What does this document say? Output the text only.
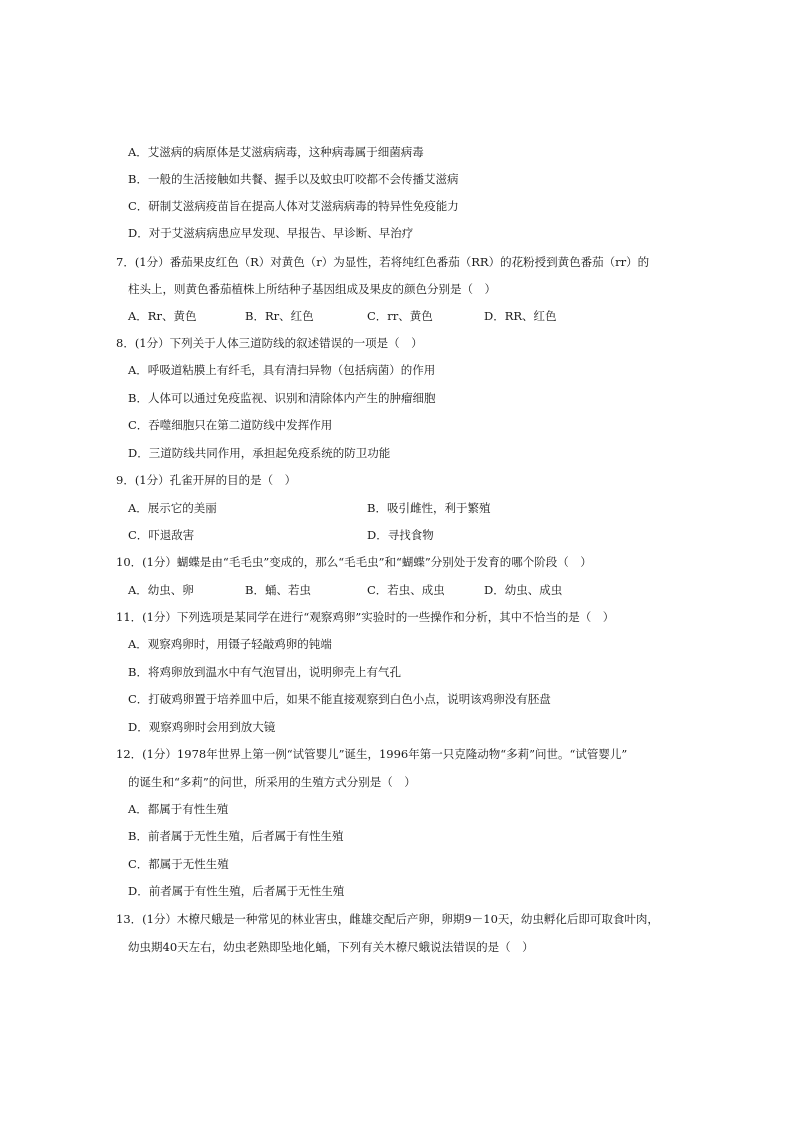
A．艾滋病的病原体是艾滋病病毒，这种病毒属于细菌病毒
B．一般的生活接触如共餐、握手以及蚊虫叮咬都不会传播艾滋病
C．研制艾滋病疫苗旨在提高人体对艾滋病病毒的特异性免疫能力
D．对于艾滋病病患应早发现、早报告、早诊断、早治疗
7．(1分）番茄果皮红色（R）对黄色（r）为显性，若将纯红色番茄（RR）的花粉授到黄色番茄（rr）的
柱头上，则黄色番茄植株上所结种子基因组成及果皮的颜色分别是（　）
A．Rr、黄色	B．Rr、红色	C．rr、黄色	D．RR、红色
8．(1分）下列关于人体三道防线的叙述错误的一项是（　）
A．呼吸道粘膜上有纤毛，具有清扫异物（包括病菌）的作用
B．人体可以通过免疫监视、识别和清除体内产生的肿瘤细胞
C．吞噬细胞只在第二道防线中发挥作用
D．三道防线共同作用，承担起免疫系统的防卫功能
9．(1分）孔雀开屏的目的是（　）
A．展示它的美丽	B．吸引雌性，利于繁殖
C．吓退敌害	D．寻找食物
10．(1分）蝴蝶是由“毛毛虫”变成的，那么“毛毛虫”和“蝴蝶”分别处于发育的哪个阶段（　）
A．幼虫、卵	B．蛹、若虫	C．若虫、成虫	D．幼虫、成虫
11．(1分）下列选项是某同学在进行“观察鸡卵”实验时的一些操作和分析，其中不恰当的是（　）
A．观察鸡卵时，用镊子轻敲鸡卵的钝端
B．将鸡卵放到温水中有气泡冒出，说明卵壳上有气孔
C．打破鸡卵置于培养皿中后，如果不能直接观察到白色小点，说明该鸡卵没有胚盘
D．观察鸡卵时会用到放大镜
12．(1分）1978年世界上第一例“试管婴儿”诞生，1996年第一只克隆动物“多莉”问世。“试管婴儿”
的诞生和“多莉”的问世，所采用的生殖方式分别是（　）
A．都属于有性生殖
B．前者属于无性生殖，后者属于有性生殖
C．都属于无性生殖
D．前者属于有性生殖，后者属于无性生殖
13．(1分）木橑尺蛾是一种常见的林业害虫，雌雄交配后产卵，卵期9－10天，幼虫孵化后即可取食叶肉，
幼虫期40天左右，幼虫老熟即坠地化蛹，下列有关木橑尺蛾说法错误的是（　）
